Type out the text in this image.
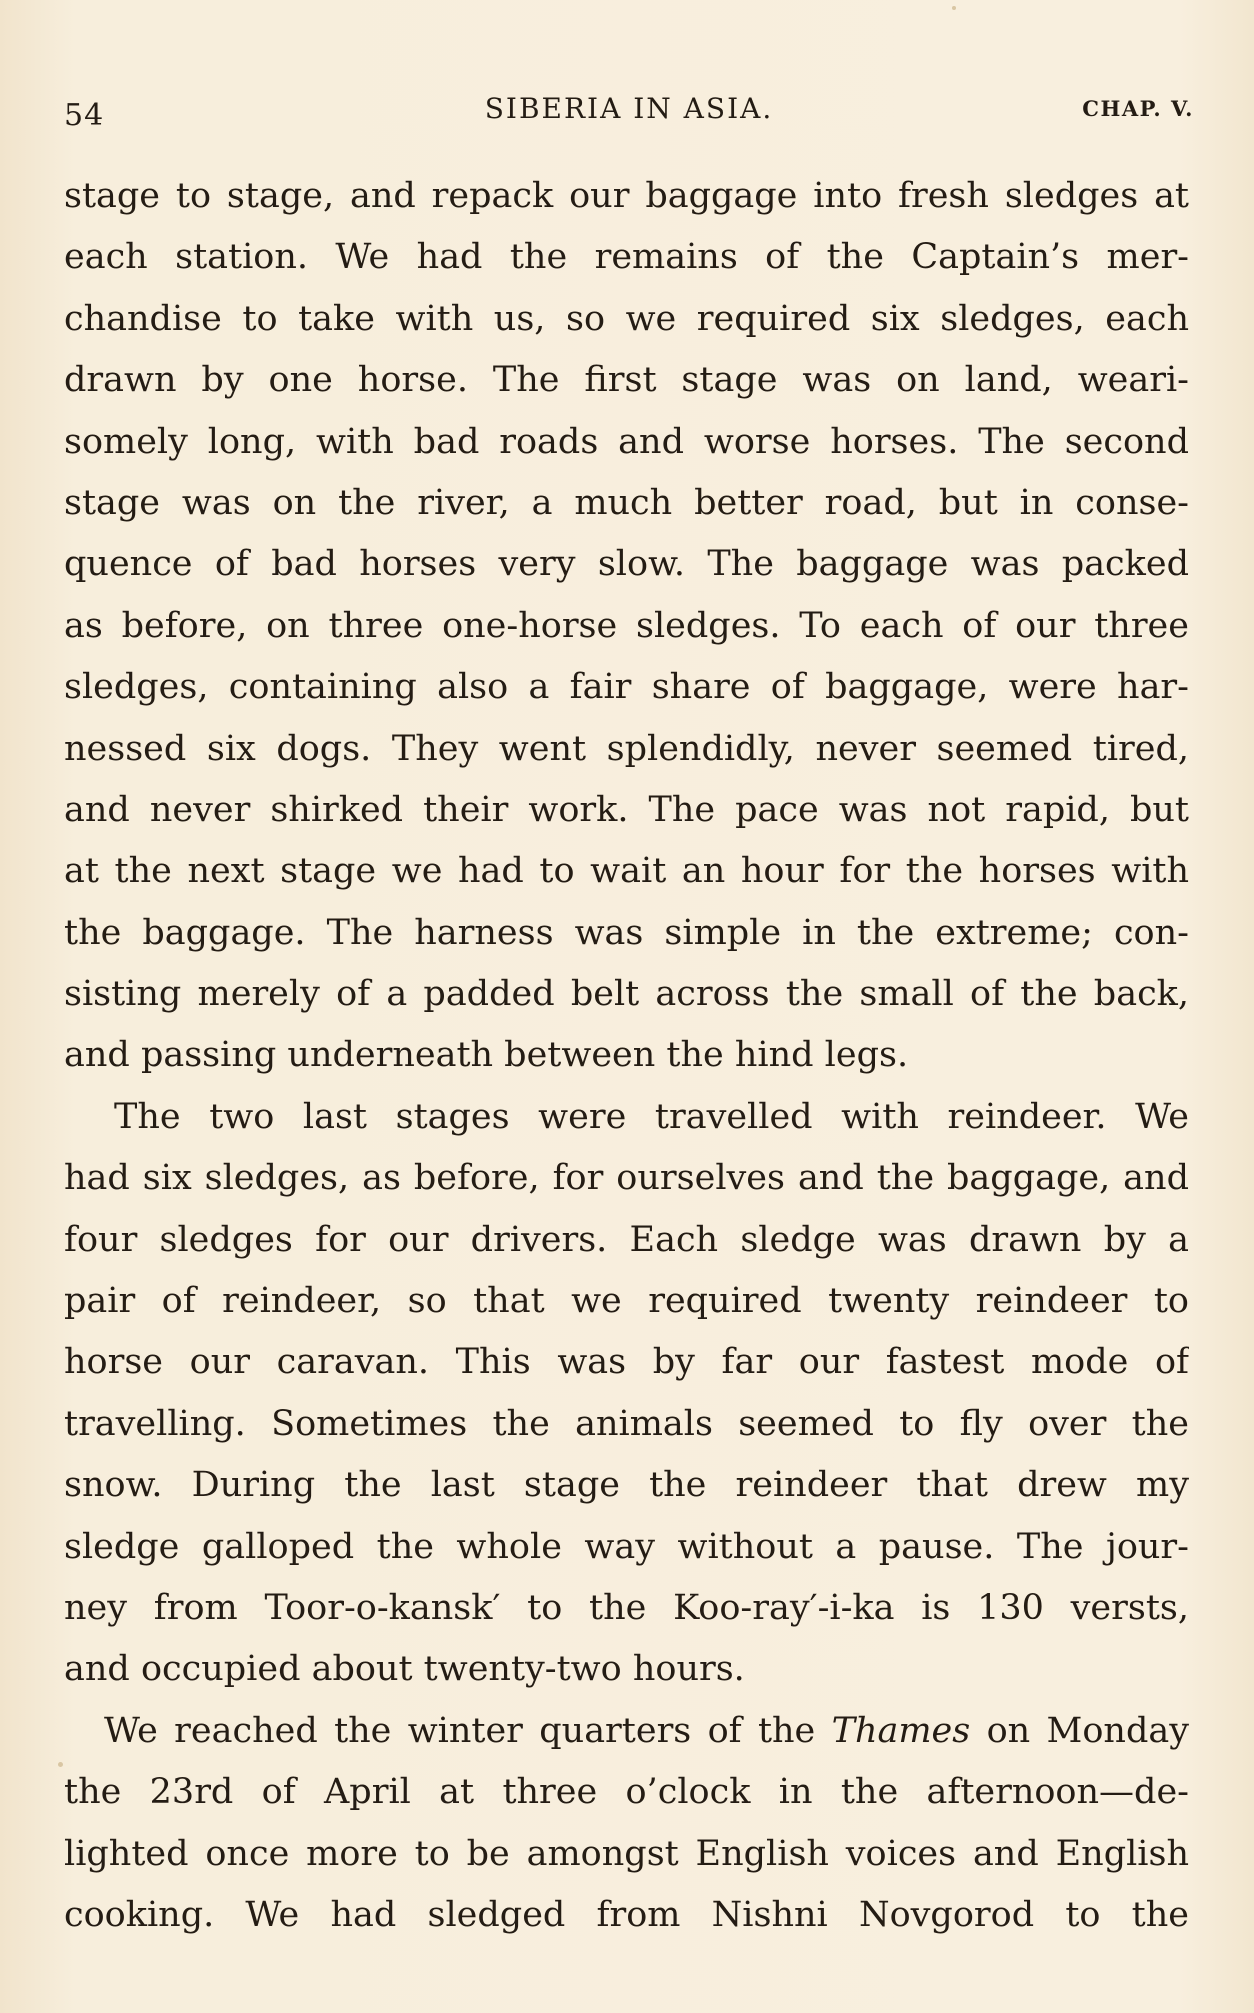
54	SIBERIA IN ASIA.	CHAP. V.
stage to stage, and repack our baggage into fresh sledges at
each station. We had the remains of the Captain’s mer-
chandise to take with us, so we required six sledges, each
drawn by one horse. The first stage was on land, weari-
somely long, with bad roads and worse horses. The second
stage was on the river, a much better road, but in conse-
quence of bad horses very slow. The baggage was packed
as before, on three one-horse sledges. To each of our three
sledges, containing also a fair share of baggage, were har-
nessed six dogs. They went splendidly, never seemed tired,
and never shirked their work. The pace was not rapid, but
at the next stage we had to wait an hour for the horses with
the baggage. The harness was simple in the extreme; con-
sisting merely of a padded belt across the small of the back,
and passing underneath between the hind legs.
The two last stages were travelled with reindeer. We
had six sledges, as before, for ourselves and the baggage, and
four sledges for our drivers. Each sledge was drawn by a
pair of reindeer, so that we required twenty reindeer to
horse our caravan. This was by far our fastest mode of
travelling. Sometimes the animals seemed to fly over the
snow. During the last stage the reindeer that drew my
sledge galloped the whole way without a pause. The jour-
ney from Toor-o-kansk′ to the Koo-ray′-i-ka is 130 versts,
and occupied about twenty-two hours.
We reached the winter quarters of the Thames on Monday
the 23rd of April at three o’clock in the afternoon—de-
lighted once more to be amongst English voices and English
cooking. We had sledged from Nishni Novgorod to the
